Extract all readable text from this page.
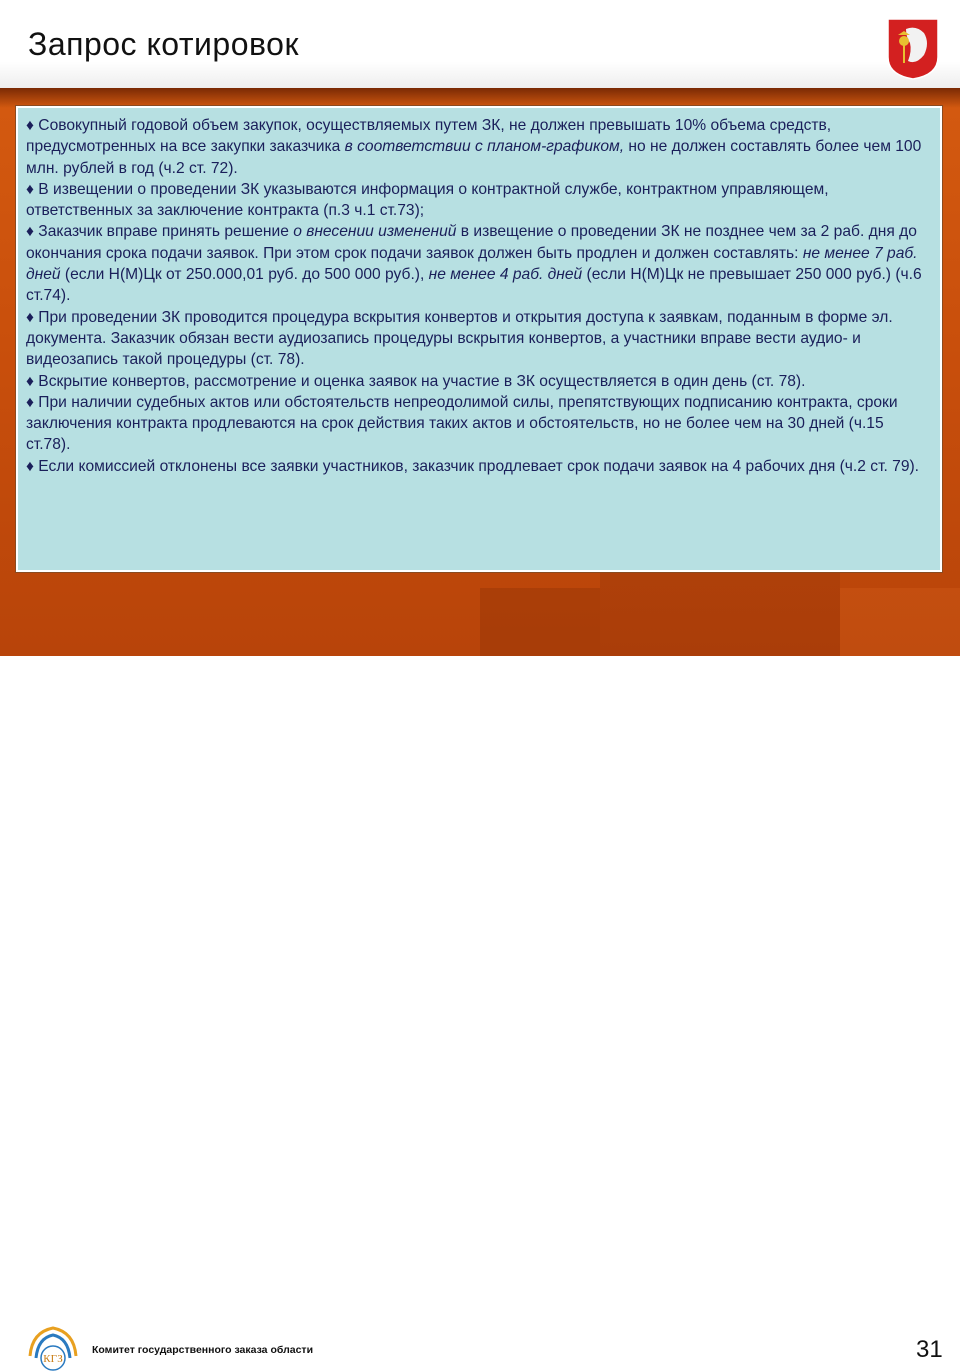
Запрос котировок

♦ Совокупный годовой объем закупок, осуществляемых путем ЗК, не должен превышать 10% объема средств, предусмотренных на все закупки заказчика в соответствии с планом-графиком, но не должен составлять более чем 100 млн. рублей в год (ч.2 ст. 72).

♦ В извещении о проведении ЗК указываются информация о контрактной службе, контрактном управляющем, ответственных за заключение контракта (п.3 ч.1 ст.73);

♦ Заказчик вправе принять решение о внесении изменений в извещение о проведении ЗК не позднее чем за 2 раб. дня до окончания срока подачи заявок. При этом срок подачи заявок должен быть продлен и должен составлять: не менее 7 раб. дней (если Н(М)Цк от 250.000,01 руб. до 500 000 руб.), не менее 4 раб. дней (если Н(М)Цк не превышает 250 000 руб.) (ч.6 ст.74).

♦ При проведении ЗК проводится процедура вскрытия конвертов и открытия доступа к заявкам, поданным в форме эл. документа. Заказчик обязан вести аудиозапись процедуры вскрытия конвертов, а участники вправе вести аудио- и видеозапись такой процедуры (ст. 78).

♦ Вскрытие конвертов, рассмотрение и оценка заявок на участие в ЗК осуществляется в один день (ст. 78).

♦ При наличии судебных актов или обстоятельств непреодолимой силы, препятствующих подписанию контракта, сроки заключения контракта продлеваются на срок действия таких актов и обстоятельств, но не более чем на 30 дней (ч.15 ст.78).

♦ Если комиссией отклонены все заявки участников, заказчик продлевает срок подачи заявок на 4 рабочих дня (ч.2 ст. 79).

КГЗ
Комитет государственного заказа области	31
